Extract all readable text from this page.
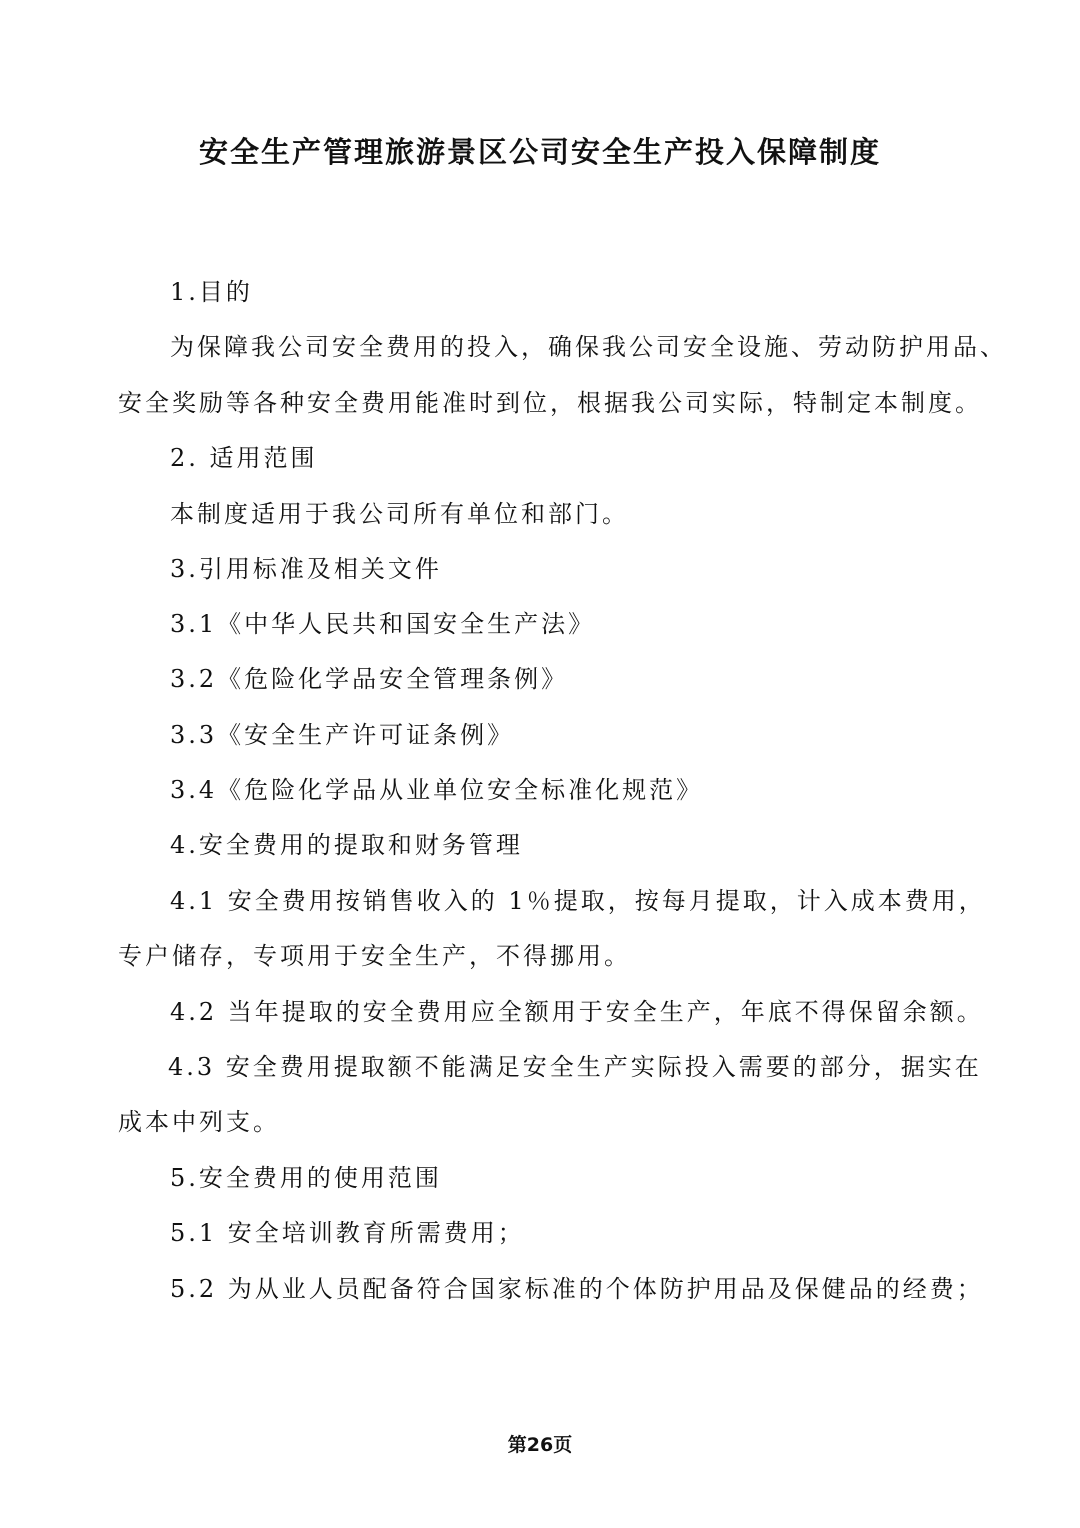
安全生产管理旅游景区公司安全生产投入保障制度
1.目的
为保障我公司安全费用的投入，确保我公司安全设施、劳动防护用品、
安全奖励等各种安全费用能准时到位，根据我公司实际，特制定本制度。
2. 适用范围
本制度适用于我公司所有单位和部门。
3.引用标准及相关文件
3.1《中华人民共和国安全生产法》
3.2《危险化学品安全管理条例》
3.3《安全生产许可证条例》
3.4《危险化学品从业单位安全标准化规范》
4.安全费用的提取和财务管理
4.1 安全费用按销售收入的 1％提取，按每月提取，计入成本费用，
专户储存，专项用于安全生产，不得挪用。
4.2 当年提取的安全费用应全额用于安全生产，年底不得保留余额。
4.3 安全费用提取额不能满足安全生产实际投入需要的部分，据实在
成本中列支。
5.安全费用的使用范围
5.1 安全培训教育所需费用；
5.2 为从业人员配备符合国家标准的个体防护用品及保健品的经费；
第26页
